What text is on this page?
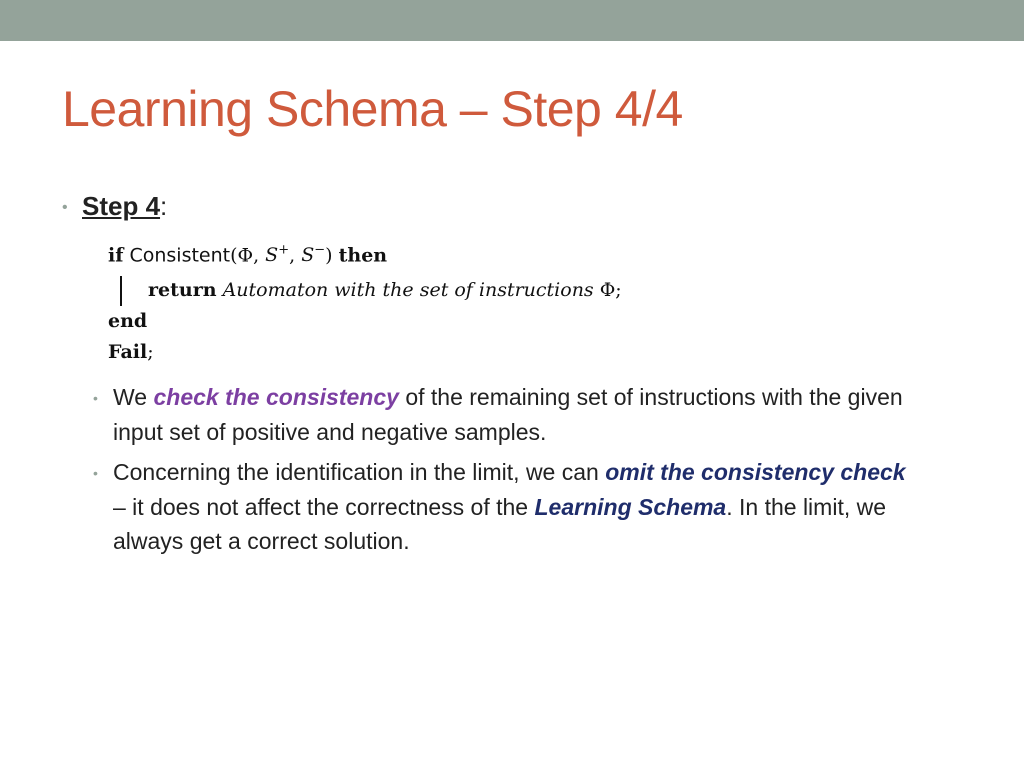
Learning Schema – Step 4/4
• Step 4:
if Consistent(Φ, S+, S−) then
return Automaton with the set of instructions Φ;
end
Fail;
• We check the consistency of the remaining set of instructions with the given input set of positive and negative samples.
• Concerning the identification in the limit, we can omit the consistency check – it does not affect the correctness of the Learning Schema. In the limit, we always get a correct solution.
